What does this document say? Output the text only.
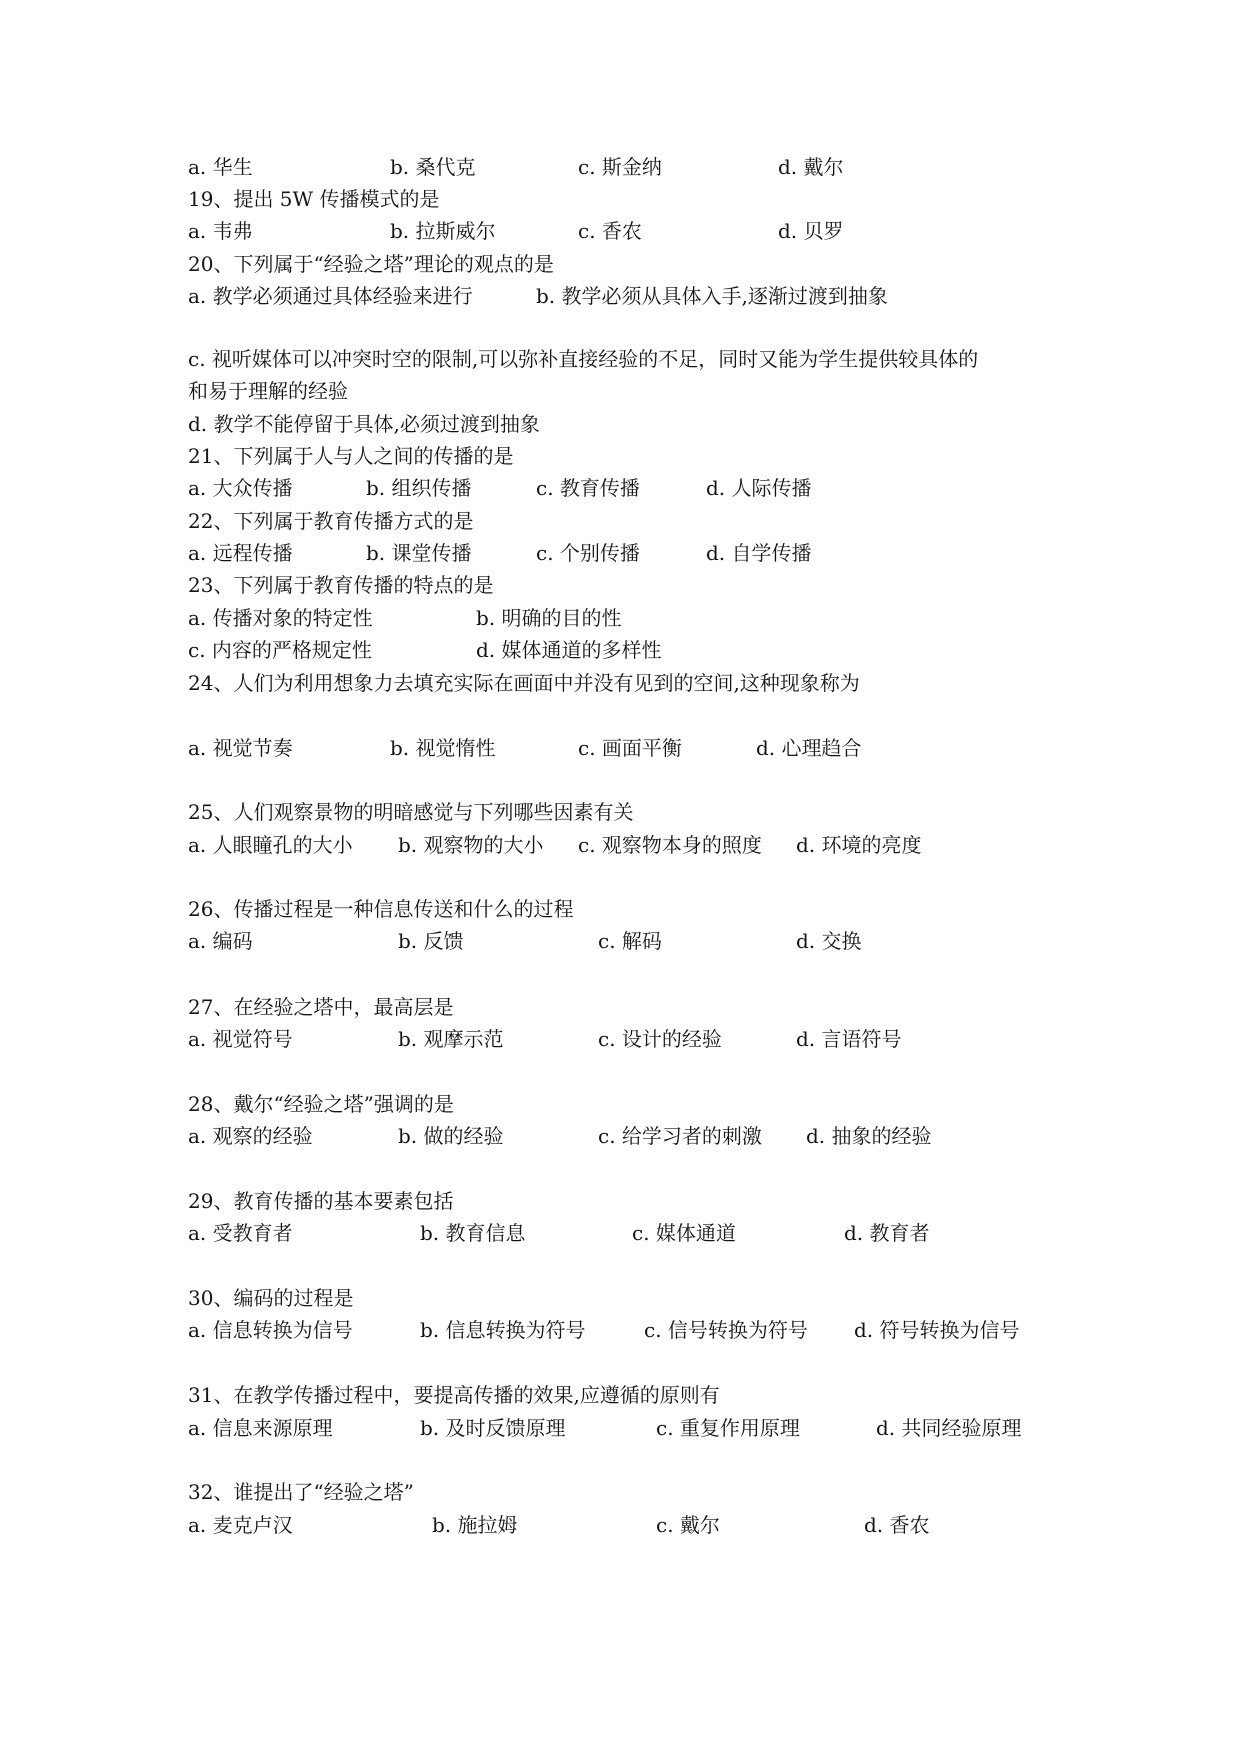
a. 华生	b. 桑代克	c. 斯金纳	d. 戴尔
19、提出 5W 传播模式的是
a. 韦弗	b. 拉斯威尔	c. 香农	d. 贝罗
20、下列属于“经验之塔”理论的观点的是
a. 教学必须通过具体经验来进行	b. 教学必须从具体入手,逐渐过渡到抽象
c. 视听媒体可以冲突时空的限制,可以弥补直接经验的不足，同时又能为学生提供较具体的
和易于理解的经验
d. 教学不能停留于具体,必须过渡到抽象
21、下列属于人与人之间的传播的是
a. 大众传播	b. 组织传播	c. 教育传播	d. 人际传播
22、下列属于教育传播方式的是
a. 远程传播	b. 课堂传播	c. 个别传播	d. 自学传播
23、下列属于教育传播的特点的是
a. 传播对象的特定性	b. 明确的目的性
c. 内容的严格规定性	d. 媒体通道的多样性
24、人们为利用想象力去填充实际在画面中并没有见到的空间,这种现象称为
a. 视觉节奏	b. 视觉惰性	c. 画面平衡	d. 心理趋合
25、人们观察景物的明暗感觉与下列哪些因素有关
a. 人眼瞳孔的大小 b. 观察物的大小 c. 观察物本身的照度 d. 环境的亮度
26、传播过程是一种信息传送和什么的过程
a. 编码	b. 反馈	c. 解码	d. 交换
27、在经验之塔中，最高层是
a. 视觉符号	b. 观摩示范	c. 设计的经验	d. 言语符号
28、戴尔“经验之塔”强调的是
a. 观察的经验	b. 做的经验	c. 给学习者的刺激 d. 抽象的经验
29、教育传播的基本要素包括
a. 受教育者	b. 教育信息	c. 媒体通道	d. 教育者
30、编码的过程是
a. 信息转换为信号	b. 信息转换为符号	c. 信号转换为符号 d. 符号转换为信号
31、在教学传播过程中，要提高传播的效果,应遵循的原则有
a. 信息来源原理	b. 及时反馈原理	c. 重复作用原理	d. 共同经验原理
32、谁提出了“经验之塔”
a. 麦克卢汉	b. 施拉姆	c. 戴尔	d. 香农
